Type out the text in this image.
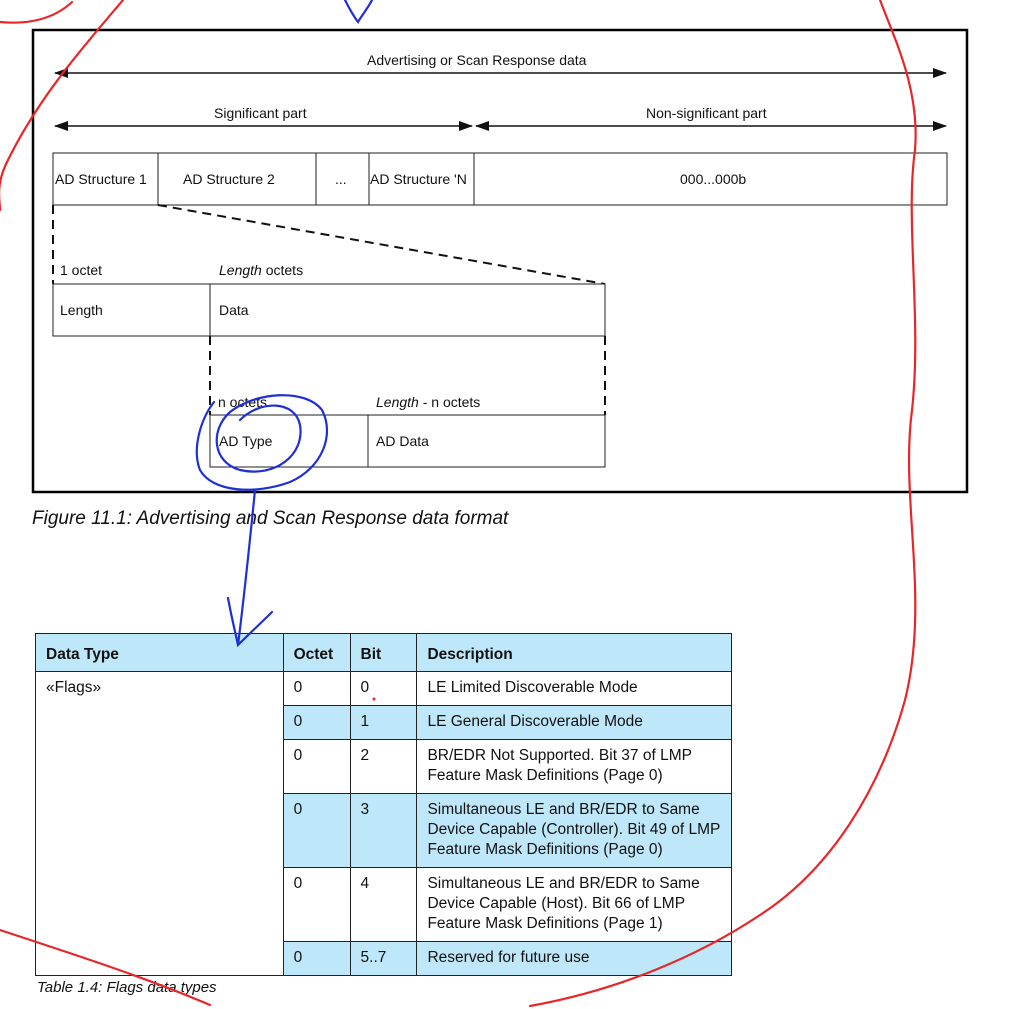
Advertising or Scan Response data
Significant part	Non-significant part
AD Structure 1	AD Structure 2	... AD Structure 'N	000...000b
1 octet	Length octets
Length	Data
n octets	Length - n octets
AD Type	AD Data
Figure 11.1: Advertising and Scan Response data format
Data Type	Octet	Bit	Description
«Flags»	0	0	LE Limited Discoverable Mode
	0	1	LE General Discoverable Mode
	0	2	BR/EDR Not Supported. Bit 37 of LMP Feature Mask Definitions (Page 0)
	0	3	Simultaneous LE and BR/EDR to Same Device Capable (Controller). Bit 49 of LMP Feature Mask Definitions (Page 0)
	0	4	Simultaneous LE and BR/EDR to Same Device Capable (Host). Bit 66 of LMP Feature Mask Definitions (Page 1)
	0	5..7	Reserved for future use
Table 1.4: Flags data types
